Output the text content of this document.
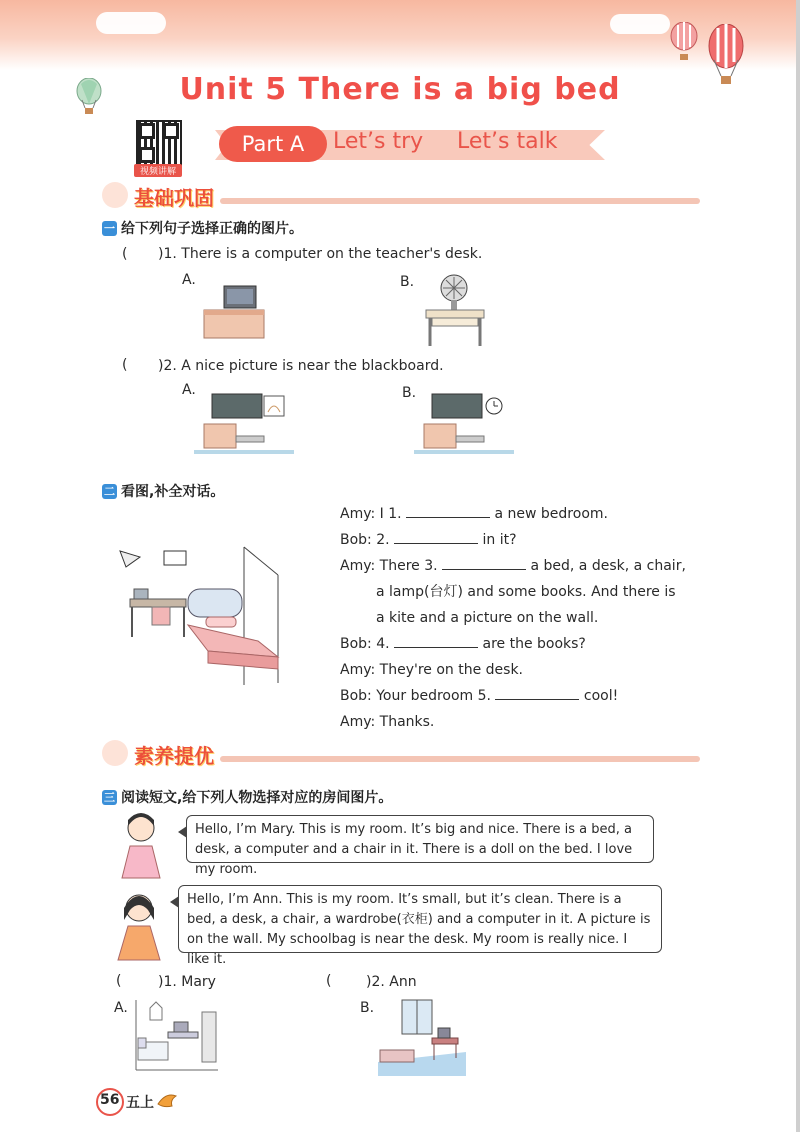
Unit 5 There is a big bed
视频讲解
Part A	Let’s try Let’s talk
基础巩固
一 给下列句子选择正确的图片。
( )1. There is a computer on the teacher's desk.
A.	B.
( )2. A nice picture is near the blackboard.
A.	B.
二 看图,补全对话。
Amy: I 1.	a new bedroom.
Bob: 2.	in it?
Amy: There 3.	a bed, a desk, a chair,
a lamp(台灯) and some books. And there is
a kite and a picture on the wall.
Bob: 4.	are the books?
Amy: They're on the desk.
Bob: Your bedroom 5.	cool!
Amy: Thanks.
素养提优
三 阅读短文,给下列人物选择对应的房间图片。
Hello, I’m Mary. This is my room. It’s big and nice. There is a bed, a desk, a computer and a chair in it. There is a doll on the bed. I love my room.
Hello, I’m Ann. This is my room. It’s small, but it’s clean. There is a bed, a desk, a chair, a wardrobe(衣柜) and a computer in it. A picture is on the wall. My schoolbag is near the desk. My room is really nice. I like it.
(	)1. Mary	( )2. Ann
A.	B.
56 五上
